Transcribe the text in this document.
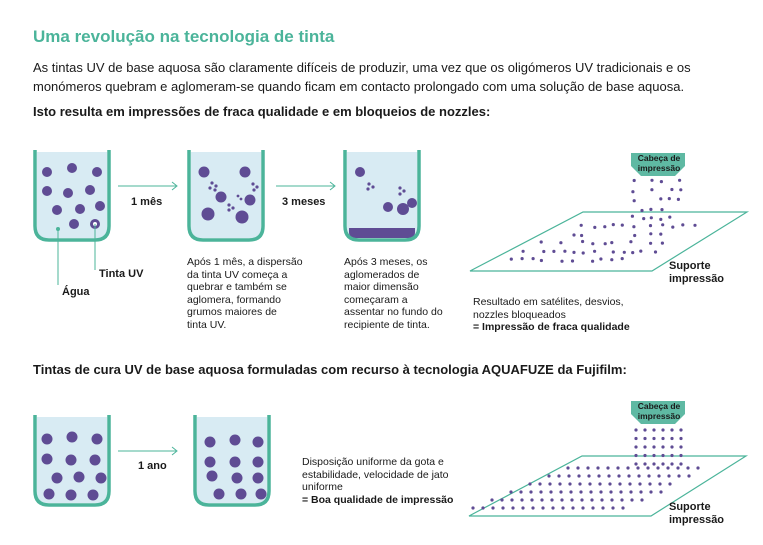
Uma revolução na tecnologia de tinta
As tintas UV de base aquosa são claramente difíceis de produzir, uma vez que os oligómeros UV tradicionais e os
monómeros quebram e aglomeram-se quando ficam em contacto prolongado com uma solução de base aquosa.
Isto resulta em impressões de fraca qualidade e em bloqueios de nozzles:
Tintas de cura UV de base aquosa formuladas com recurso à tecnologia AQUAFUZE da Fujifilm:
1 mês	3 meses
Tinta UV
Água
Após 1 mês, a dispersão
da tinta UV começa a
quebrar e também se
aglomera, formando
grumos maiores de
tinta UV.
Após 3 meses, os
aglomerados de
maior dimensão
começaram a
assentar no fundo do
recipiente de tinta.
Cabeça de
impressão
Suporte
impressão
Resultado em satélites, desvios,
nozzles bloqueados
= Impressão de fraca qualidade
1 ano	Disposição uniforme da gota e
estabilidade, velocidade de jato
uniforme
= Boa qualidade de impressão
Cabeça de
impressão
Suporte
impressão
